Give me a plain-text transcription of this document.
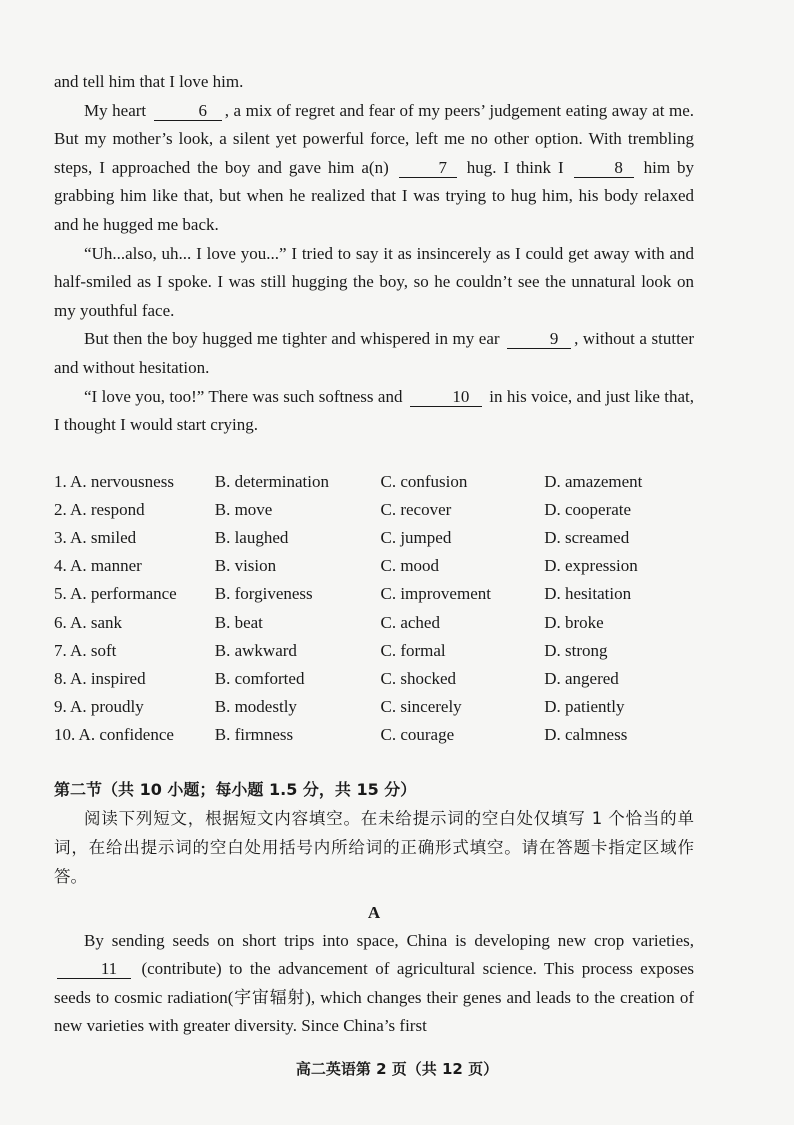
and tell him that I love him.

My heart	6 , a mix of regret and fear of my peers’ judgement eating away at me. But my mother’s look, a silent yet powerful force, left me no other option. With trembling steps, I approached the boy and gave him a(n)	7 hug. I think I	8 him by grabbing him like that, but when he realized that I was trying to hug him, his body relaxed and he hugged me back.

“Uh...also, uh... I love you...” I tried to say it as insincerely as I could get away with and half-smiled as I spoke. I was still hugging the boy, so he couldn’t see the unnatural look on my youthful face.

But then the boy hugged me tighter and whispered in my ear	9 , without a stutter and without hesitation.

“I love you, too!” There was such softness and	10 in his voice, and just like that, I thought I would start crying.

1. A. nervousness	B. determination	C. confusion	D. amazement
2. A. respond	B. move	C. recover	D. cooperate
3. A. smiled	B. laughed	C. jumped	D. screamed
4. A. manner	B. vision	C. mood	D. expression
5. A. performance	B. forgiveness	C. improvement	D. hesitation
6. A. sank	B. beat	C. ached	D. broke
7. A. soft	B. awkward	C. formal	D. strong
8. A. inspired	B. comforted	C. shocked	D. angered
9. A. proudly	B. modestly	C. sincerely	D. patiently
10. A. confidence	B. firmness	C. courage	D. calmness
第二节（共 10 小题；每小题 1.5 分，共 15 分）

阅读下列短文，根据短文内容填空。在未给提示词的空白处仅填写 1 个恰当的单词，在给出提示词的空白处用括号内所给词的正确形式填空。请在答题卡指定区域作答。

A

By sending seeds on short trips into space, China is developing new crop varieties, 11 (contribute) to the advancement of agricultural science. This process exposes seeds to cosmic radiation(宇宙辐射), which changes their genes and leads to the creation of new varieties with greater diversity. Since China’s first

高二英语第 2 页（共 12 页）
